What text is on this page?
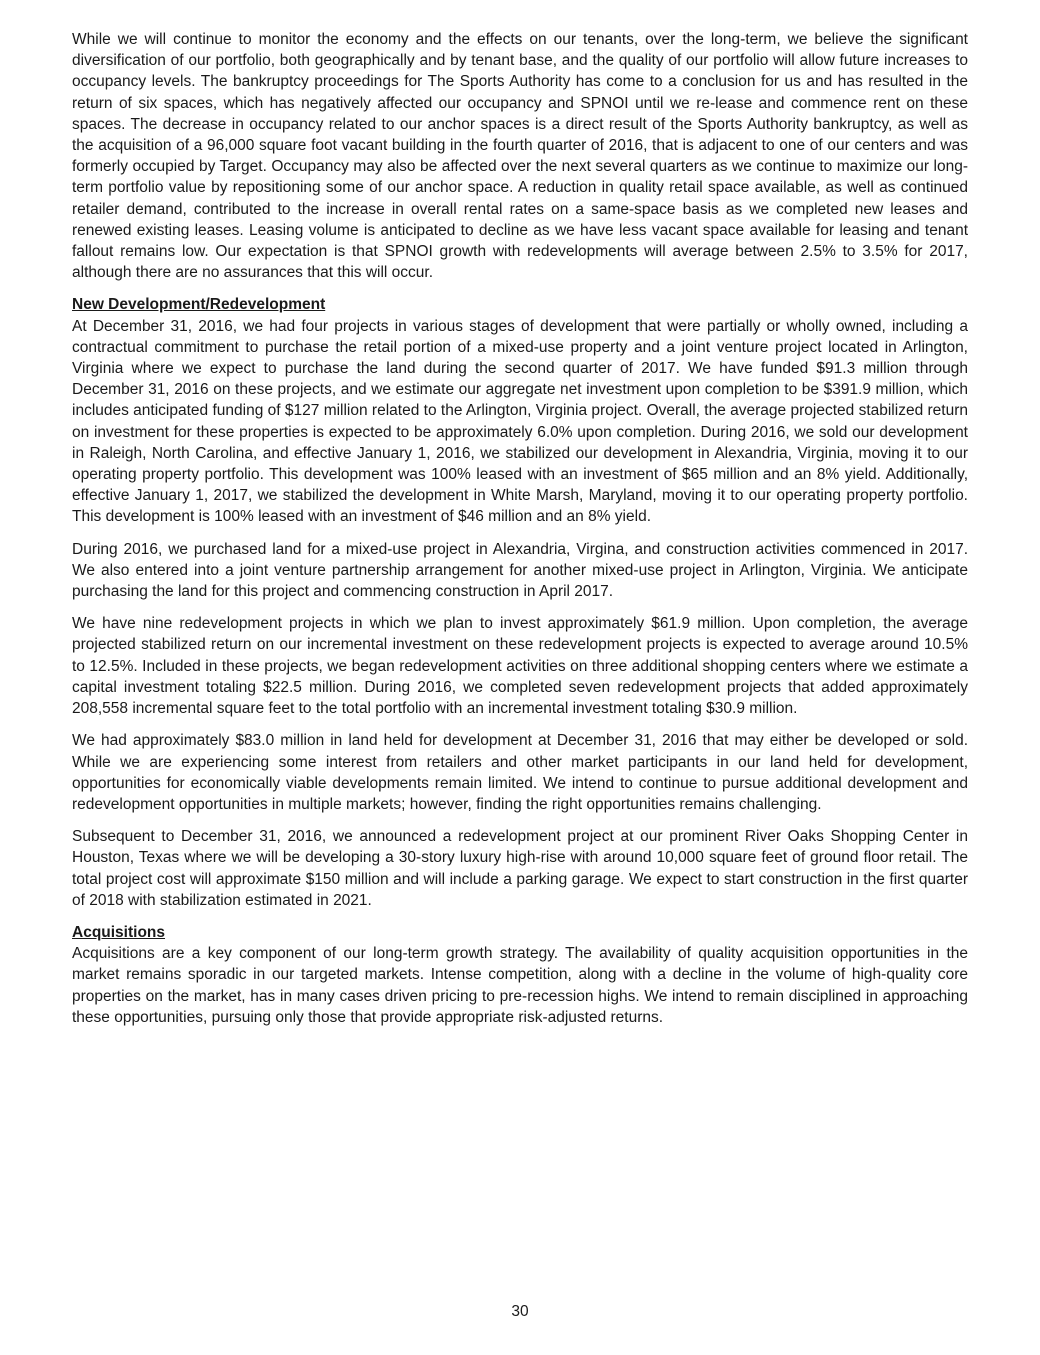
While we will continue to monitor the economy and the effects on our tenants, over the long-term, we believe the significant diversification of our portfolio, both geographically and by tenant base, and the quality of our portfolio will allow future increases to occupancy levels. The bankruptcy proceedings for The Sports Authority has come to a conclusion for us and has resulted in the return of six spaces, which has negatively affected our occupancy and SPNOI until we re-lease and commence rent on these spaces. The decrease in occupancy related to our anchor spaces is a direct result of the Sports Authority bankruptcy, as well as the acquisition of a 96,000 square foot vacant building in the fourth quarter of 2016, that is adjacent to one of our centers and was formerly occupied by Target. Occupancy may also be affected over the next several quarters as we continue to maximize our long-term portfolio value by repositioning some of our anchor space. A reduction in quality retail space available, as well as continued retailer demand, contributed to the increase in overall rental rates on a same-space basis as we completed new leases and renewed existing leases. Leasing volume is anticipated to decline as we have less vacant space available for leasing and tenant fallout remains low. Our expectation is that SPNOI growth with redevelopments will average between 2.5% to 3.5% for 2017, although there are no assurances that this will occur.

New Development/Redevelopment

At December 31, 2016, we had four projects in various stages of development that were partially or wholly owned, including a contractual commitment to purchase the retail portion of a mixed-use property and a joint venture project located in Arlington, Virginia where we expect to purchase the land during the second quarter of 2017. We have funded $91.3 million through December 31, 2016 on these projects, and we estimate our aggregate net investment upon completion to be $391.9 million, which includes anticipated funding of $127 million related to the Arlington, Virginia project. Overall, the average projected stabilized return on investment for these properties is expected to be approximately 6.0% upon completion. During 2016, we sold our development in Raleigh, North Carolina, and effective January 1, 2016, we stabilized our development in Alexandria, Virginia, moving it to our operating property portfolio. This development was 100% leased with an investment of $65 million and an 8% yield. Additionally, effective January 1, 2017, we stabilized the development in White Marsh, Maryland, moving it to our operating property portfolio. This development is 100% leased with an investment of $46 million and an 8% yield.

During 2016, we purchased land for a mixed-use project in Alexandria, Virgina, and construction activities commenced in 2017. We also entered into a joint venture partnership arrangement for another mixed-use project in Arlington, Virginia. We anticipate purchasing the land for this project and commencing construction in April 2017.

We have nine redevelopment projects in which we plan to invest approximately $61.9 million. Upon completion, the average projected stabilized return on our incremental investment on these redevelopment projects is expected to average around 10.5% to 12.5%. Included in these projects, we began redevelopment activities on three additional shopping centers where we estimate a capital investment totaling $22.5 million. During 2016, we completed seven redevelopment projects that added approximately 208,558 incremental square feet to the total portfolio with an incremental investment totaling $30.9 million.

We had approximately $83.0 million in land held for development at December 31, 2016 that may either be developed or sold. While we are experiencing some interest from retailers and other market participants in our land held for development, opportunities for economically viable developments remain limited. We intend to continue to pursue additional development and redevelopment opportunities in multiple markets; however, finding the right opportunities remains challenging.

Subsequent to December 31, 2016, we announced a redevelopment project at our prominent River Oaks Shopping Center in Houston, Texas where we will be developing a 30-story luxury high-rise with around 10,000 square feet of ground floor retail. The total project cost will approximate $150 million and will include a parking garage. We expect to start construction in the first quarter of 2018 with stabilization estimated in 2021.

Acquisitions

Acquisitions are a key component of our long-term growth strategy. The availability of quality acquisition opportunities in the market remains sporadic in our targeted markets. Intense competition, along with a decline in the volume of high-quality core properties on the market, has in many cases driven pricing to pre-recession highs. We intend to remain disciplined in approaching these opportunities, pursuing only those that provide appropriate risk-adjusted returns.

30
